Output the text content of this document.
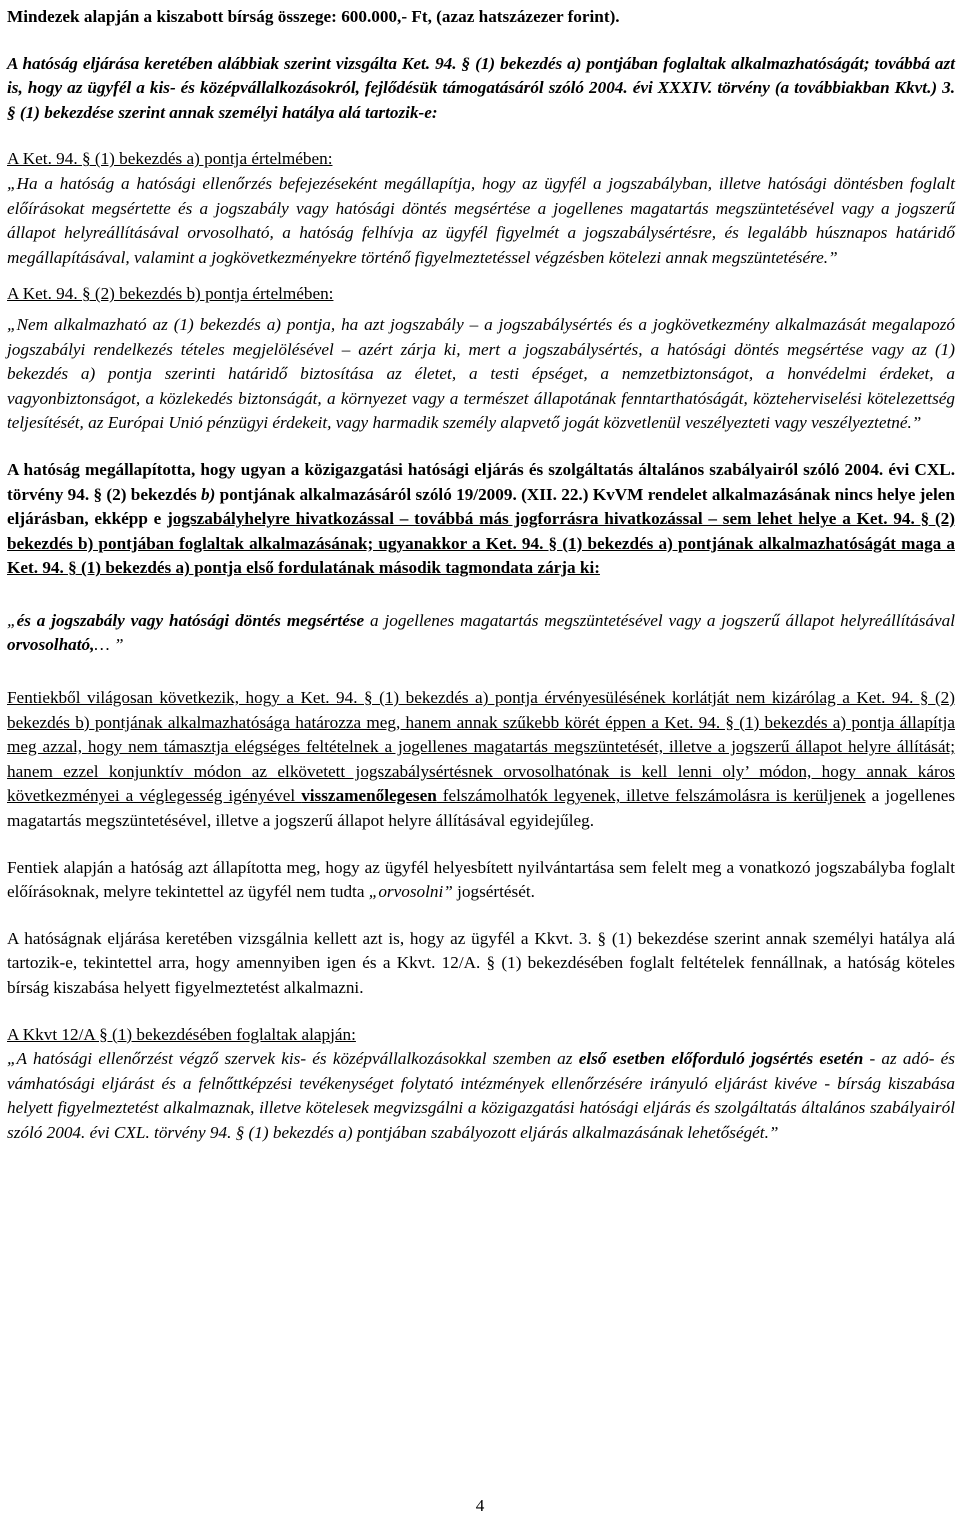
Mindezek alapján a kiszabott bírság összege: 600.000,- Ft, (azaz hatszázezer forint).

A hatóság eljárása keretében alábbiak szerint vizsgálta Ket. 94. § (1) bekezdés a) pontjában foglaltak alkalmazhatóságát; továbbá azt is, hogy az ügyfél a kis- és középvállalkozásokról, fejlődésük támogatásáról szóló 2004. évi XXXIV. törvény (a továbbiakban Kkvt.) 3. § (1) bekezdése szerint annak személyi hatálya alá tartozik-e:

A Ket. 94. § (1) bekezdés a) pontja értelmében:

„Ha a hatóság a hatósági ellenőrzés befejezéseként megállapítja, hogy az ügyfél a jogszabályban, illetve hatósági döntésben foglalt előírásokat megsértette és a jogszabály vagy hatósági döntés megsértése a jogellenes magatartás megszüntetésével vagy a jogszerű állapot helyreállításával orvosolható, a hatóság felhívja az ügyfél figyelmét a jogszabálysértésre, és legalább húsznapos határidő megállapításával, valamint a jogkövetkezményekre történő figyelmeztetéssel végzésben kötelezi annak megszüntetésére.”

A Ket. 94. § (2) bekezdés b) pontja értelmében:

„Nem alkalmazható az (1) bekezdés a) pontja, ha azt jogszabály – a jogszabálysértés és a jogkövetkezmény alkalmazását megalapozó jogszabályi rendelkezés tételes megjelölésével – azért zárja ki, mert a jogszabálysértés, a hatósági döntés megsértése vagy az (1) bekezdés a) pontja szerinti határidő biztosítása az életet, a testi épséget, a nemzetbiztonságot, a honvédelmi érdeket, a vagyonbiztonságot, a közlekedés biztonságát, a környezet vagy a természet állapotának fenntarthatóságát, közteherviselési kötelezettség teljesítését, az Európai Unió pénzügyi érdekeit, vagy harmadik személy alapvető jogát közvetlenül veszélyezteti vagy veszélyeztetné.”

A hatóság megállapította, hogy ugyan a közigazgatási hatósági eljárás és szolgáltatás általános szabályairól szóló 2004. évi CXL. törvény 94. § (2) bekezdés b) pontjának alkalmazásáról szóló 19/2009. (XII. 22.) KvVM rendelet alkalmazásának nincs helye jelen eljárásban, ekképp e jogszabályhelyre hivatkozással – továbbá más jogforrásra hivatkozással – sem lehet helye a Ket. 94. § (2) bekezdés b) pontjában foglaltak alkalmazásának; ugyanakkor a Ket. 94. § (1) bekezdés a) pontjának alkalmazhatóságát maga a Ket. 94. § (1) bekezdés a) pontja első fordulatának második tagmondata zárja ki:

„és a jogszabály vagy hatósági döntés megsértése a jogellenes magatartás megszüntetésével vagy a jogszerű állapot helyreállításával orvosolható,… ”

Fentiekből világosan következik, hogy a Ket. 94. § (1) bekezdés a) pontja érvényesülésének korlátját nem kizárólag a Ket. 94. § (2) bekezdés b) pontjának alkalmazhatósága határozza meg, hanem annak szűkebb körét éppen a Ket. 94. § (1) bekezdés a) pontja állapítja meg azzal, hogy nem támasztja elégséges feltételnek a jogellenes magatartás megszüntetését, illetve a jogszerű állapot helyre állítását; hanem ezzel konjunktív módon az elkövetett jogszabálysértésnek orvosolhatónak is kell lenni oly’ módon, hogy annak káros következményei a véglegesség igényével visszamenőlegesen felszámolhatók legyenek, illetve felszámolásra is kerüljenek a jogellenes magatartás megszüntetésével, illetve a jogszerű állapot helyre állításával egyidejűleg.

Fentiek alapján a hatóság azt állapította meg, hogy az ügyfél helyesbített nyilvántartása sem felelt meg a vonatkozó jogszabályba foglalt előírásoknak, melyre tekintettel az ügyfél nem tudta „orvosolni” jogsértését.

A hatóságnak eljárása keretében vizsgálnia kellett azt is, hogy az ügyfél a Kkvt. 3. § (1) bekezdése szerint annak személyi hatálya alá tartozik-e, tekintettel arra, hogy amennyiben igen és a Kkvt. 12/A. § (1) bekezdésében foglalt feltételek fennállnak, a hatóság köteles bírság kiszabása helyett figyelmeztetést alkalmazni.

A Kkvt 12/A § (1) bekezdésében foglaltak alapján:

„A hatósági ellenőrzést végző szervek kis- és középvállalkozásokkal szemben az első esetben előforduló jogsértés esetén - az adó- és vámhatósági eljárást és a felnőttképzési tevékenységet folytató intézmények ellenőrzésére irányuló eljárást kivéve - bírság kiszabása helyett figyelmeztetést alkalmaznak, illetve kötelesek megvizsgálni a közigazgatási hatósági eljárás és szolgáltatás általános szabályairól szóló 2004. évi CXL. törvény 94. § (1) bekezdés a) pontjában szabályozott eljárás alkalmazásának lehetőségét.”

4
